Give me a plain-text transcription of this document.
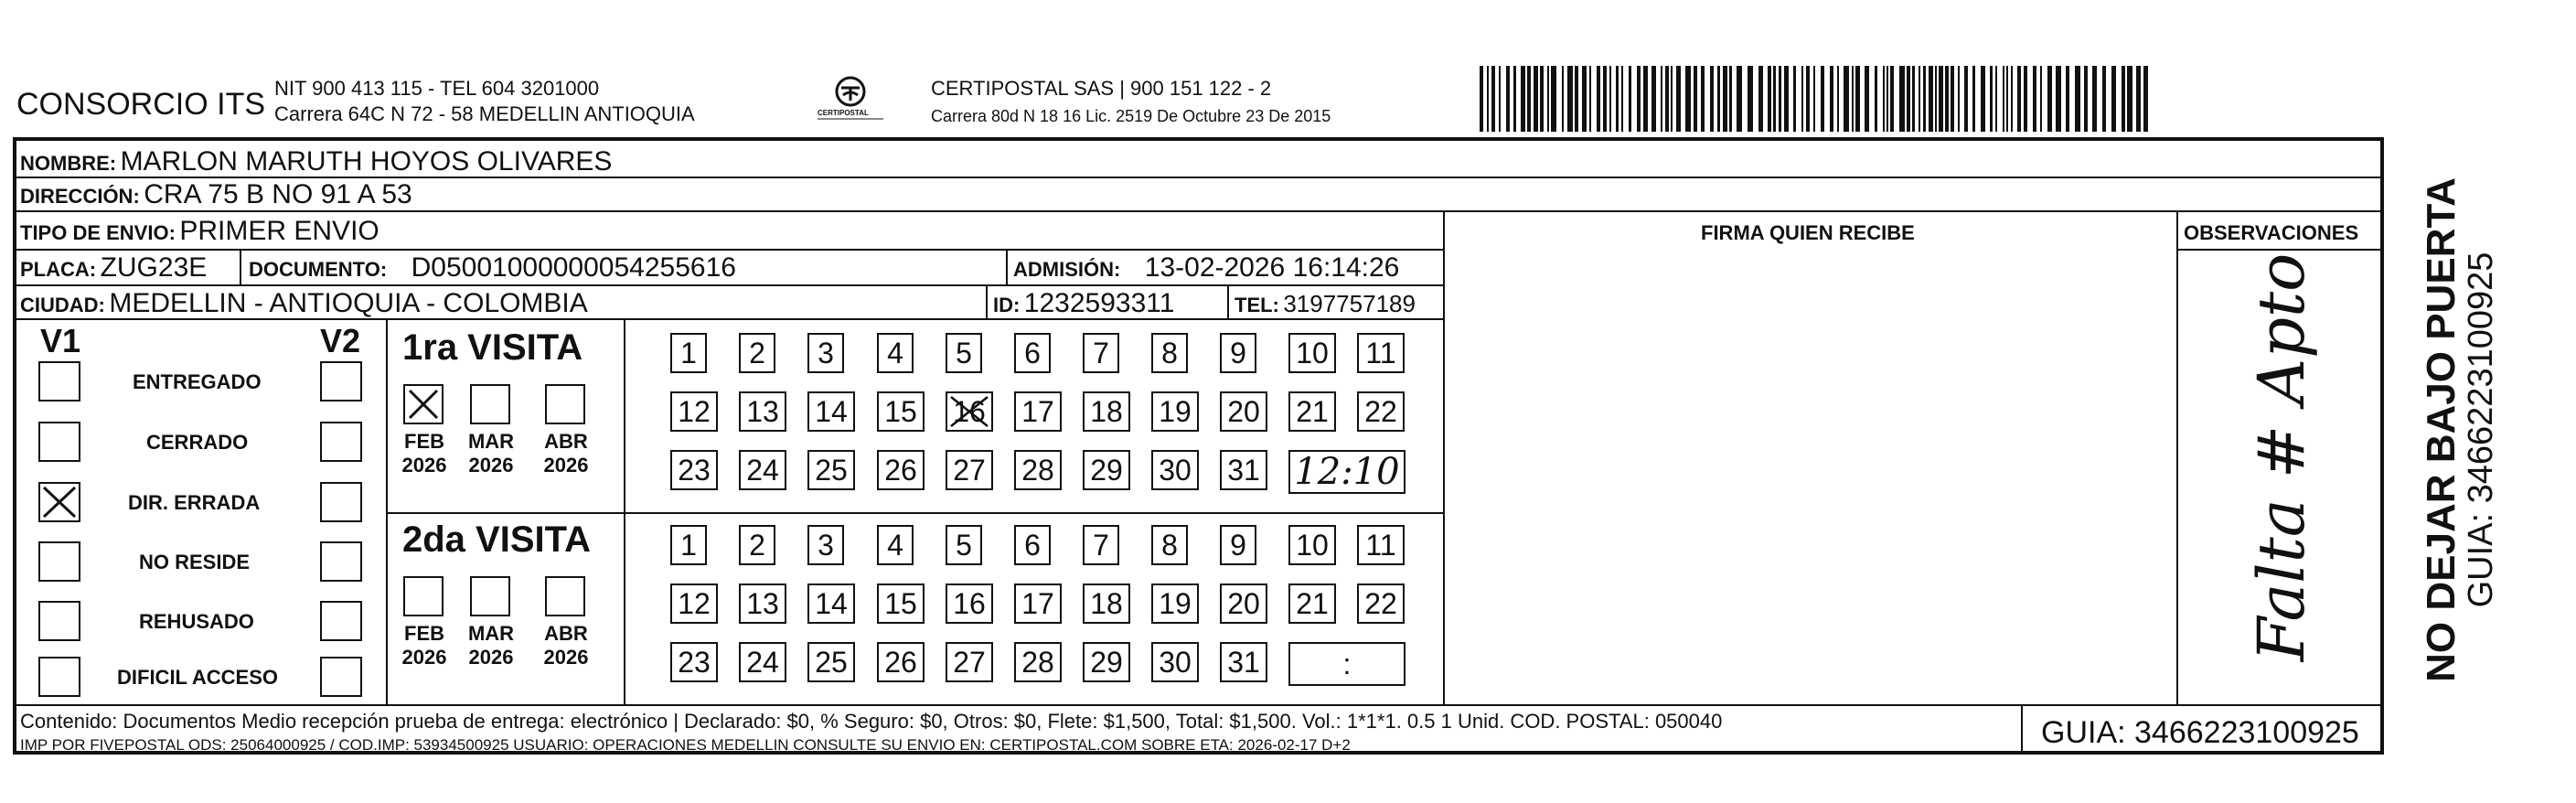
CONSORCIO ITS NIT 900 413 115 - TEL 604 3201000
Carrera 64C N 72 - 58 MEDELLIN ANTIOQUIA	CERTIPOSTAL
CERTIPOSTAL SAS | 900 151 122 - 2
Carrera 80d N 18 16 Lic. 2519 De Octubre 23 De 2015
NOMBRE: MARLON MARUTH HOYOS OLIVARES
DIRECCIÓN: CRA 75 B NO 91 A 53
TIPO DE ENVIO: PRIMER ENVIO	FIRMA QUIEN RECIBE	OBSERVACIONES
PLACA: ZUG23E DOCUMENTO: D05001000000054255616	ADMISIÓN: 13-02-2026 16:14:26
CIUDAD: MEDELLIN - ANTIOQUIA - COLOMBIA	ID: 1232593311	TEL: 3197757189
V1	V2
ENTREGADO
CERRADO
DIR. ERRADA
NO RESIDE
REHUSADO
DIFICIL ACCESO
1ra VISITA
2da VISITA
FEB
2026
MAR
2026
ABR
2026
1	2	3	4	5	6	7	8	9	10 11
12 13 14 15 16 17 18 19 20 21 22
23 24 25 26 27 28 29 30 31 12:10
FEB
2026
MAR
2026
ABR
2026
1	2	3	4	5	6	7	8	9	10 11
12 13 14 15 16 17 18 19 20 21 22
23 24 25 26 27 28 29 30 31	:
Falta # Apto NO DEJAR BAJO PUERTA
GUIA: 3466223100925
Contenido: Documentos Medio recepción prueba de entrega: electrónico | Declarado: $0, % Seguro: $0, Otros: $0, Flete: $1,500, Total: $1,500. Vol.: 1*1*1. 0.5 1 Unid. COD. POSTAL: 050040
IMP POR FIVEPOSTAL ODS: 25064000925 / COD.IMP: 53934500925 USUARIO: OPERACIONES MEDELLIN CONSULTE SU ENVIO EN: CERTIPOSTAL.COM SOBRE ETA: 2026-02-17 D+2	GUIA: 3466223100925
